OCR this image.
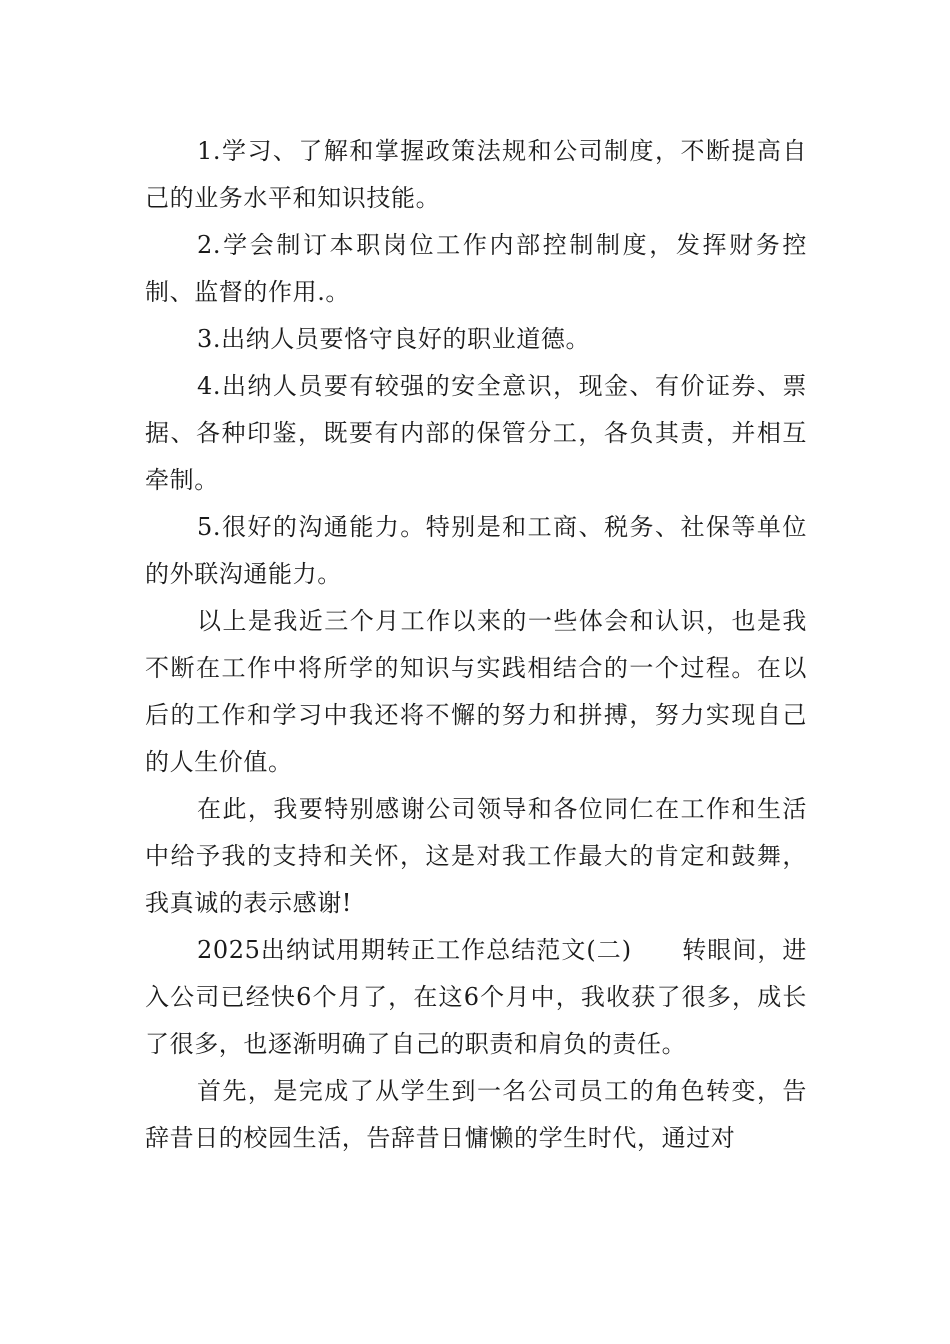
1.学习、了解和掌握政策法规和公司制度，不断提高自己的业务水平和知识技能。

2.学会制订本职岗位工作内部控制制度，发挥财务控制、监督的作用.。

3.出纳人员要恪守良好的职业道德。

4.出纳人员要有较强的安全意识，现金、有价证券、票据、各种印鉴，既要有内部的保管分工，各负其责，并相互牵制。

5.很好的沟通能力。特别是和工商、税务、社保等单位的外联沟通能力。

以上是我近三个月工作以来的一些体会和认识，也是我不断在工作中将所学的知识与实践相结合的一个过程。在以后的工作和学习中我还将不懈的努力和拼搏，努力实现自己的人生价值。

在此，我要特别感谢公司领导和各位同仁在工作和生活中给予我的支持和关怀，这是对我工作最大的肯定和鼓舞，我真诚的表示感谢!

2025出纳试用期转正工作总结范文(二)　　转眼间，进入公司已经快6个月了，在这6个月中，我收获了很多，成长了很多，也逐渐明确了自己的职责和肩负的责任。

首先，是完成了从学生到一名公司员工的角色转变，告辞昔日的校园生活，告辞昔日慵懒的学生时代，通过对
